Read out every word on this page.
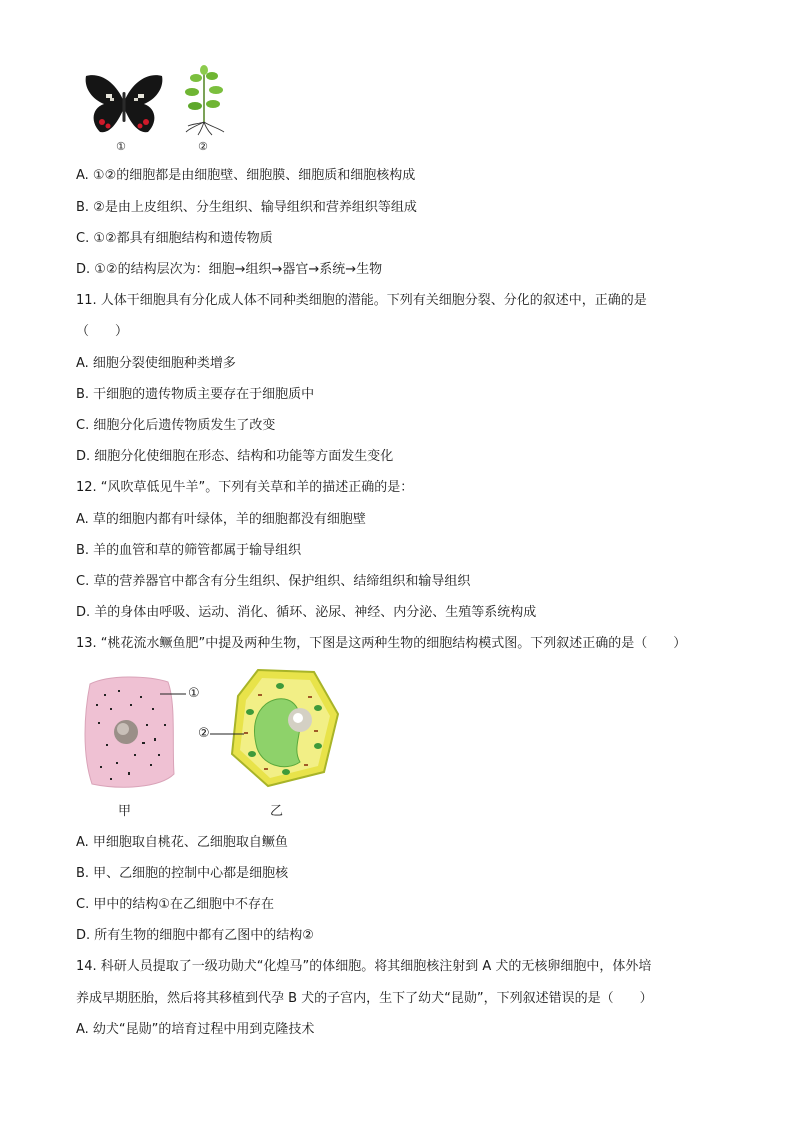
①	②
A. ①②的细胞都是由细胞壁、细胞膜、细胞质和细胞核构成
B. ②是由上皮组织、分生组织、输导组织和营养组织等组成
C. ①②都具有细胞结构和遗传物质
D. ①②的结构层次为：细胞→组织→器官→系统→生物
11. 人体干细胞具有分化成人体不同种类细胞的潜能。下列有关细胞分裂、分化的叙述中，正确的是
（　　）
A. 细胞分裂使细胞种类增多
B. 干细胞的遗传物质主要存在于细胞质中
C. 细胞分化后遗传物质发生了改变
D. 细胞分化使细胞在形态、结构和功能等方面发生变化
12. “风吹草低见牛羊”。下列有关草和羊的描述正确的是：
A. 草的细胞内都有叶绿体，羊的细胞都没有细胞壁
B. 羊的血管和草的筛管都属于输导组织
C. 草的营养器官中都含有分生组织、保护组织、结缔组织和输导组织
D. 羊的身体由呼吸、运动、消化、循环、泌尿、神经、内分泌、生殖等系统构成
13. “桃花流水鳜鱼肥”中提及两种生物，下图是这两种生物的细胞结构模式图。下列叙述正确的是（　　）
①
甲
②
乙
A. 甲细胞取自桃花、乙细胞取自鳜鱼
B. 甲、乙细胞的控制中心都是细胞核
C. 甲中的结构①在乙细胞中不存在
D. 所有生物的细胞中都有乙图中的结构②
14. 科研人员提取了一级功勋犬“化煌马”的体细胞。将其细胞核注射到 A 犬的无核卵细胞中，体外培
养成早期胚胎，然后将其移植到代孕 B 犬的子宫内，生下了幼犬“昆勋”，下列叙述错误的是（　　）
A. 幼犬“昆勋”的培育过程中用到克隆技术
